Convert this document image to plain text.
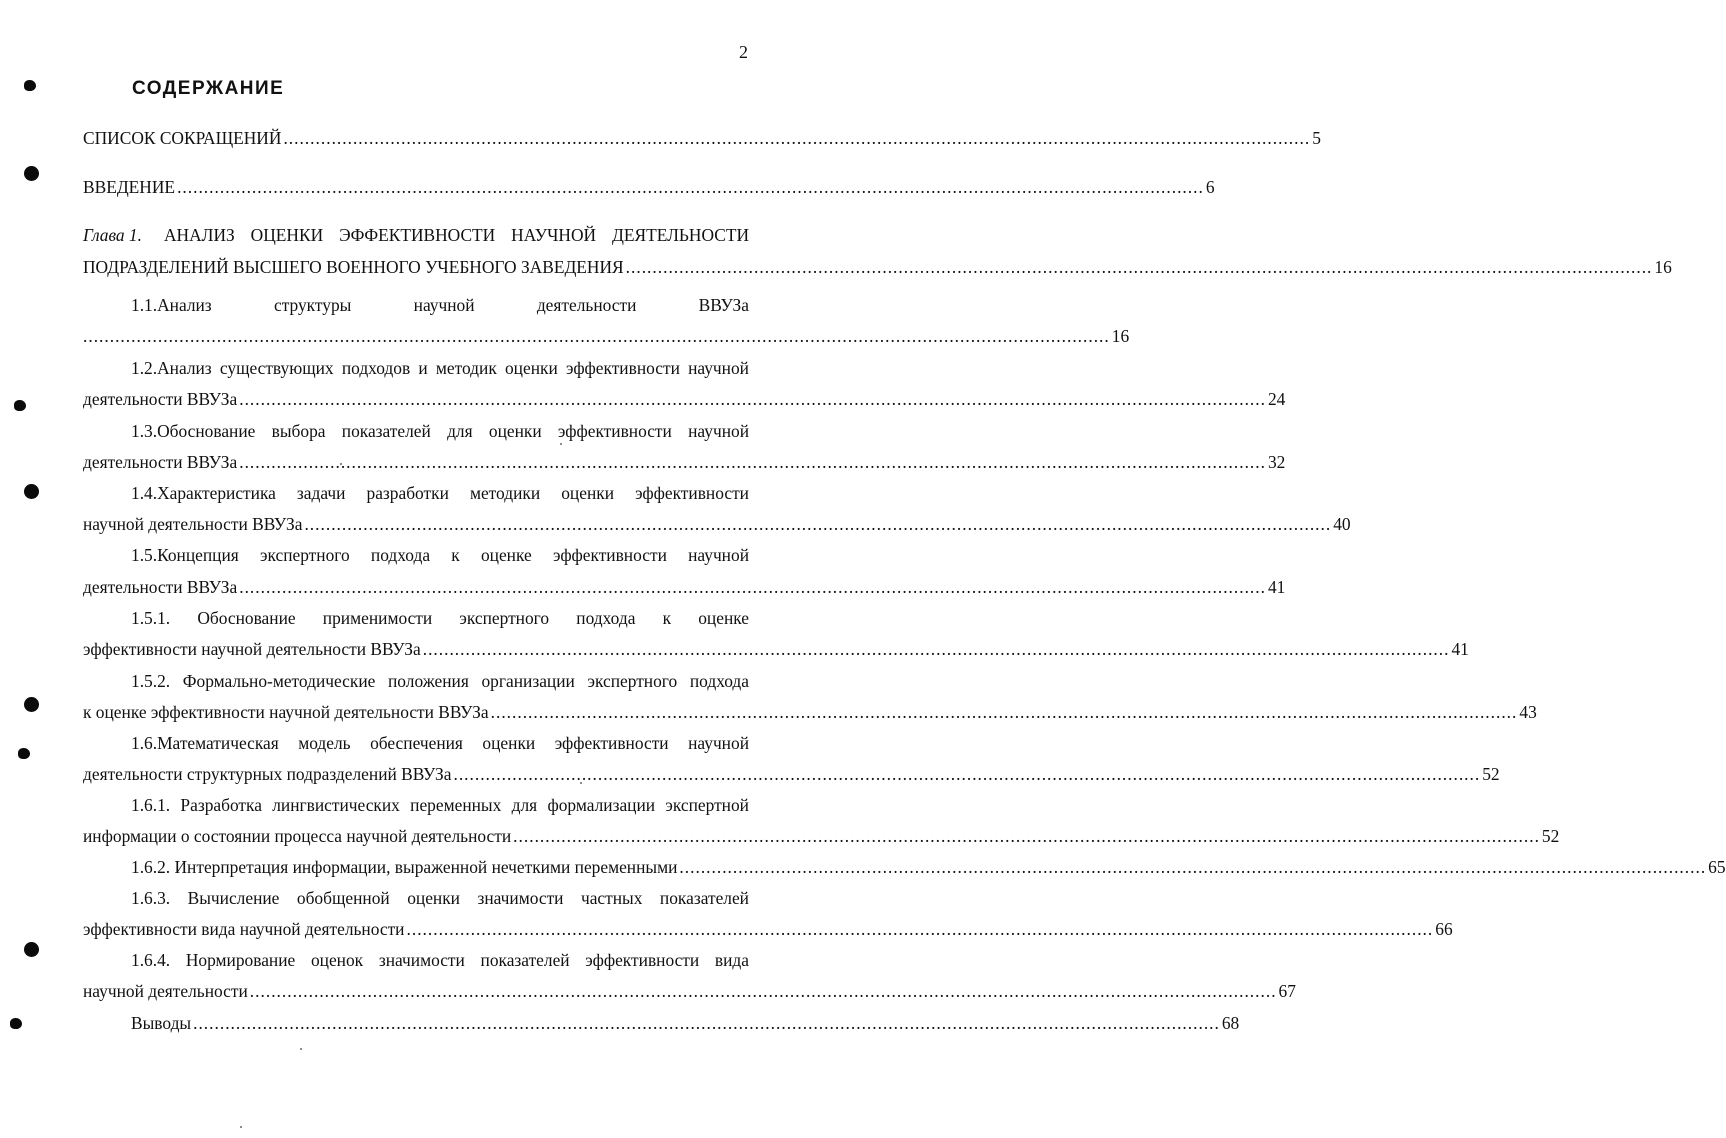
2
СОДЕРЖАНИЕ
СПИСОК СОКРАЩЕНИЙ ................................................................................................................................................................................................ 5
ВВЕДЕНИЕ ................................................................................................................................................................................................ 6
Глава 1. АНАЛИЗ ОЦЕНКИ ЭФФЕКТИВНОСТИ НАУЧНОЙ ДЕЯТЕЛЬНОСТИ
ПОДРАЗДЕЛЕНИЙ ВЫСШЕГО ВОЕННОГО УЧЕБНОГО ЗАВЕДЕНИЯ ................................................................................................................................................................................................ 16
1.1.Анализ структуры научной деятельности ВВУЗа
................................................................................................................................................................................................ 16
1.2.Анализ существующих подходов и методик оценки эффективности научной
деятельности ВВУЗа ................................................................................................................................................................................................ 24
1.3.Обоснование выбора показателей для оценки эффективности научной
деятельности ВВУЗа ................................................................................................................................................................................................ 32
1.4.Характеристика задачи разработки методики оценки эффективности
научной деятельности ВВУЗа ................................................................................................................................................................................................ 40
1.5.Концепция экспертного подхода к оценке эффективности научной
деятельности ВВУЗа ................................................................................................................................................................................................ 41
1.5.1. Обоснование применимости экспертного подхода к оценке
эффективности научной деятельности ВВУЗа ................................................................................................................................................................................................ 41
1.5.2. Формально-методические положения организации экспертного подхода
к оценке эффективности научной деятельности ВВУЗа ................................................................................................................................................................................................ 43
1.6.Математическая модель обеспечения оценки эффективности научной
деятельности структурных подразделений ВВУЗа ................................................................................................................................................................................................ 52
1.6.1. Разработка лингвистических переменных для формализации экспертной
информации о состоянии процесса научной деятельности ................................................................................................................................................................................................ 52
1.6.2. Интерпретация информации, выраженной нечеткими переменными ................................................................................................................................................................................................ 65
1.6.3. Вычисление обобщенной оценки значимости частных показателей
эффективности вида научной деятельности ................................................................................................................................................................................................ 66
1.6.4. Нормирование оценок значимости показателей эффективности вида
научной деятельности ................................................................................................................................................................................................ 67
Выводы ................................................................................................................................................................................................ 68
